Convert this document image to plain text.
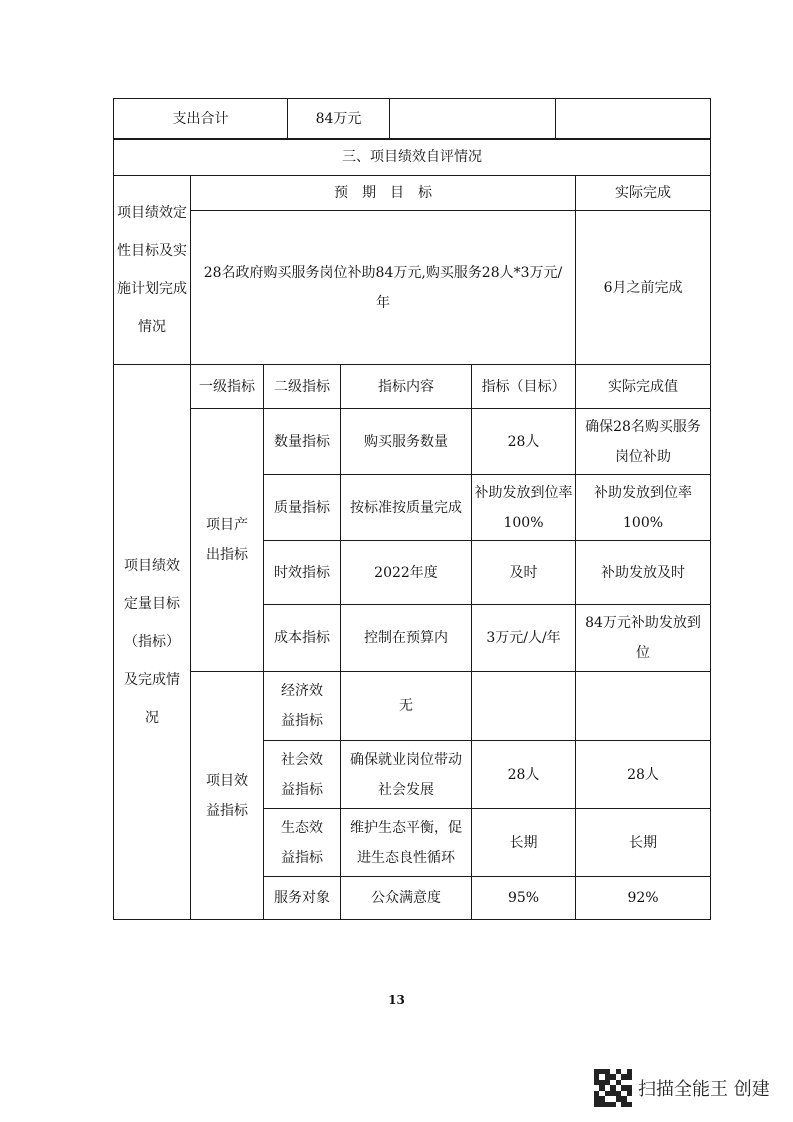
支出合计	84万元		
三、项目绩效自评情况					
项目绩效定性目标及实施计划完成情况	预　期　目　标				实际完成
	28名政府购买服务岗位补助84万元,购买服务28人*3万元/年				6月之前完成
项目绩效定量目标（指标）及完成情况	一级指标	二级指标	指标内容	指标（目标）	实际完成值
	项目产出指标	数量指标	购买服务数量	28人	确保28名购买服务岗位补助
		质量指标	按标准按质量完成	补助发放到位率100%	补助发放到位率100%
		时效指标	2022年度	及时	补助发放及时
		成本指标	控制在预算内	3万元/人/年	84万元补助发放到位
	项目效益指标	经济效益指标	无		
		社会效益指标	确保就业岗位带动社会发展	28人	28人
		生态效益指标	维护生态平衡，促进生态良性循环	长期	长期
		服务对象	公众满意度	95%	92%
13
扫描全能王 创建
